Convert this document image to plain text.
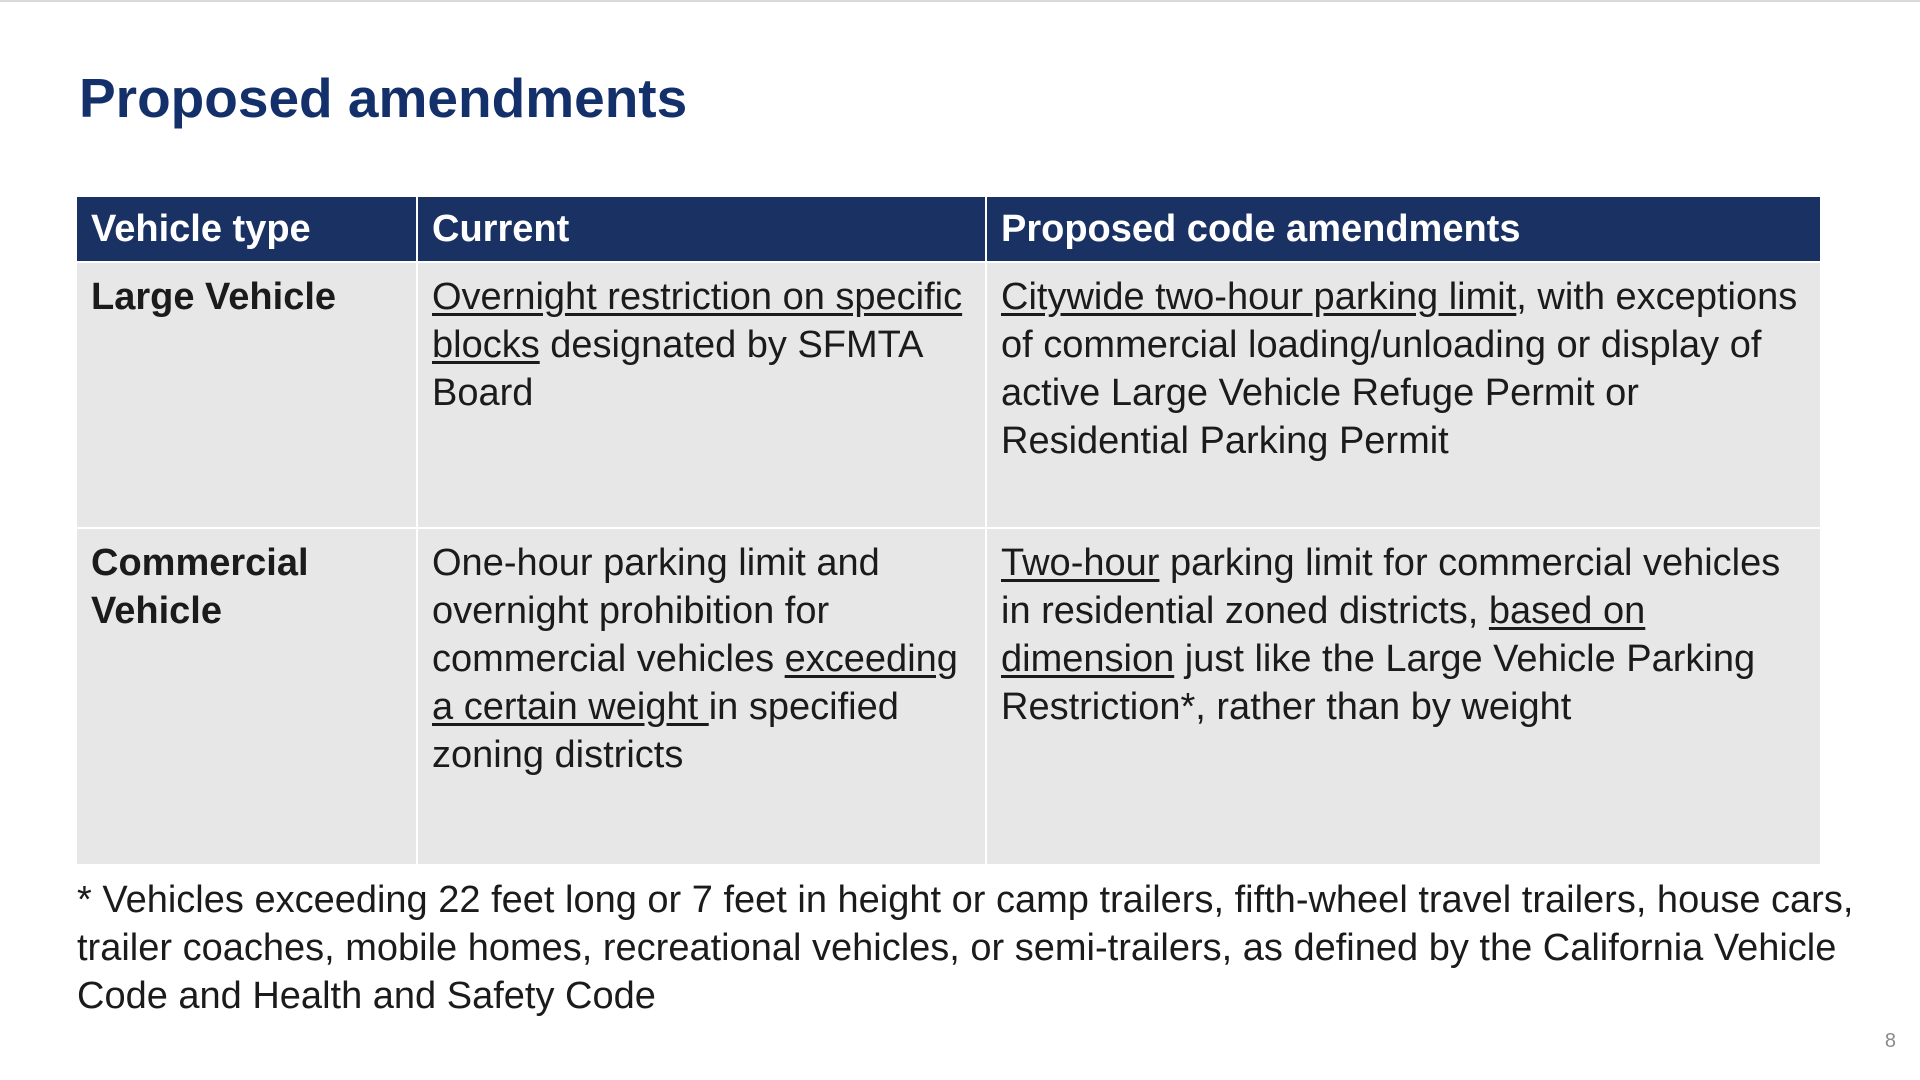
Proposed amendments
Vehicle type	Current	Proposed code amendments
Large Vehicle	Overnight restriction on specific blocks designated by SFMTA Board	Citywide two-hour parking limit, with exceptions of commercial loading/unloading or display of active Large Vehicle Refuge Permit or Residential Parking Permit
Commercial Vehicle	One-hour parking limit and overnight prohibition for commercial vehicles exceeding a certain weight in specified zoning districts	Two-hour parking limit for commercial vehicles in residential zoned districts, based on dimension just like the Large Vehicle Parking Restriction*, rather than by weight

* Vehicles exceeding 22 feet long or 7 feet in height or camp trailers, fifth-wheel travel trailers, house cars, trailer coaches, mobile homes, recreational vehicles, or semi-trailers, as defined by the California Vehicle Code and Health and Safety Code

8
